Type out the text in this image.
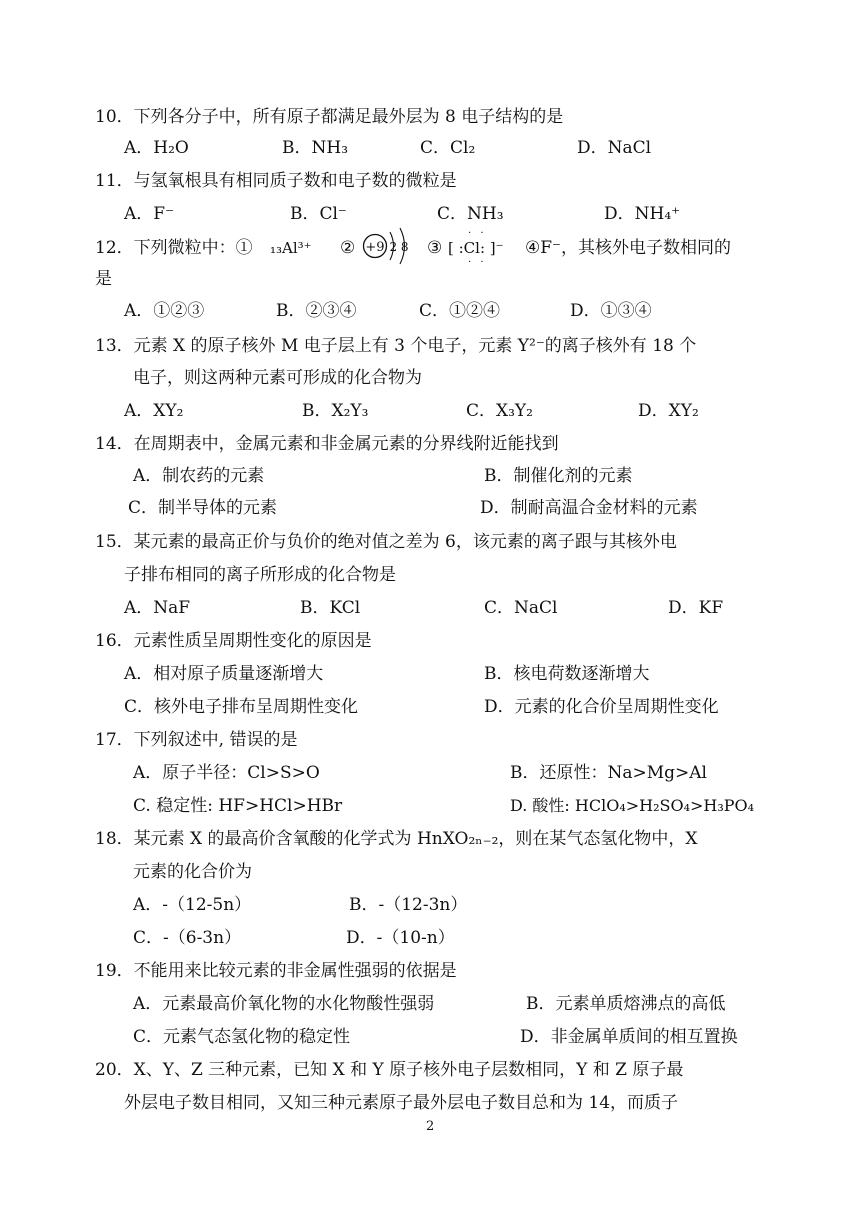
10．下列各分子中，所有原子都满足最外层为 8 电子结构的是
A．H₂O	B．NH₃	C．Cl₂	D．NaCl
11．与氢氧根具有相同质子数和电子数的微粒是
A．F⁻	B．Cl⁻	C．NH₃	D．NH₄⁺
12．下列微粒中：① ₁₃Al³⁺ ② +9 2 8 ③ [ :Cl: ]⁻
· ·
· ·
④F⁻，其核外电子数相同的
是
A．①②③	B．②③④	C．①②④	D．①③④
13．元素 X 的原子核外 M 电子层上有 3 个电子，元素 Y²⁻的离子核外有 18 个
电子，则这两种元素可形成的化合物为
A．XY₂	B．X₂Y₃	C．X₃Y₂	D．XY₂
14．在周期表中，金属元素和非金属元素的分界线附近能找到
A．制农药的元素	B．制催化剂的元素
C．制半导体的元素	D．制耐高温合金材料的元素
15．某元素的最高正价与负价的绝对值之差为 6，该元素的离子跟与其核外电
子排布相同的离子所形成的化合物是
A．NaF	B．KCl	C．NaCl	D．KF
16．元素性质呈周期性变化的原因是
A．相对原子质量逐渐增大	B．核电荷数逐渐增大
C．核外电子排布呈周期性变化	D．元素的化合价呈周期性变化
17．下列叙述中, 错误的是
A．原子半径：Cl>S>O	B．还原性：Na>Mg>Al
C. 稳定性: HF>HCl>HBr	D. 酸性: HClO₄>H₂SO₄>H₃PO₄
18．某元素 X 的最高价含氧酸的化学式为 HnXO₂ₙ₋₂，则在某气态氢化物中，X
元素的化合价为
A．-（12-5n）	B．-（12-3n）
C．-（6-3n）	D．-（10-n）
19．不能用来比较元素的非金属性强弱的依据是
A．元素最高价氧化物的水化物酸性强弱	B．元素单质熔沸点的高低
C．元素气态氢化物的稳定性	D．非金属单质间的相互置换
20．X、Y、Z 三种元素，已知 X 和 Y 原子核外电子层数相同，Y 和 Z 原子最
外层电子数目相同，又知三种元素原子最外层电子数目总和为 14，而质子
2
